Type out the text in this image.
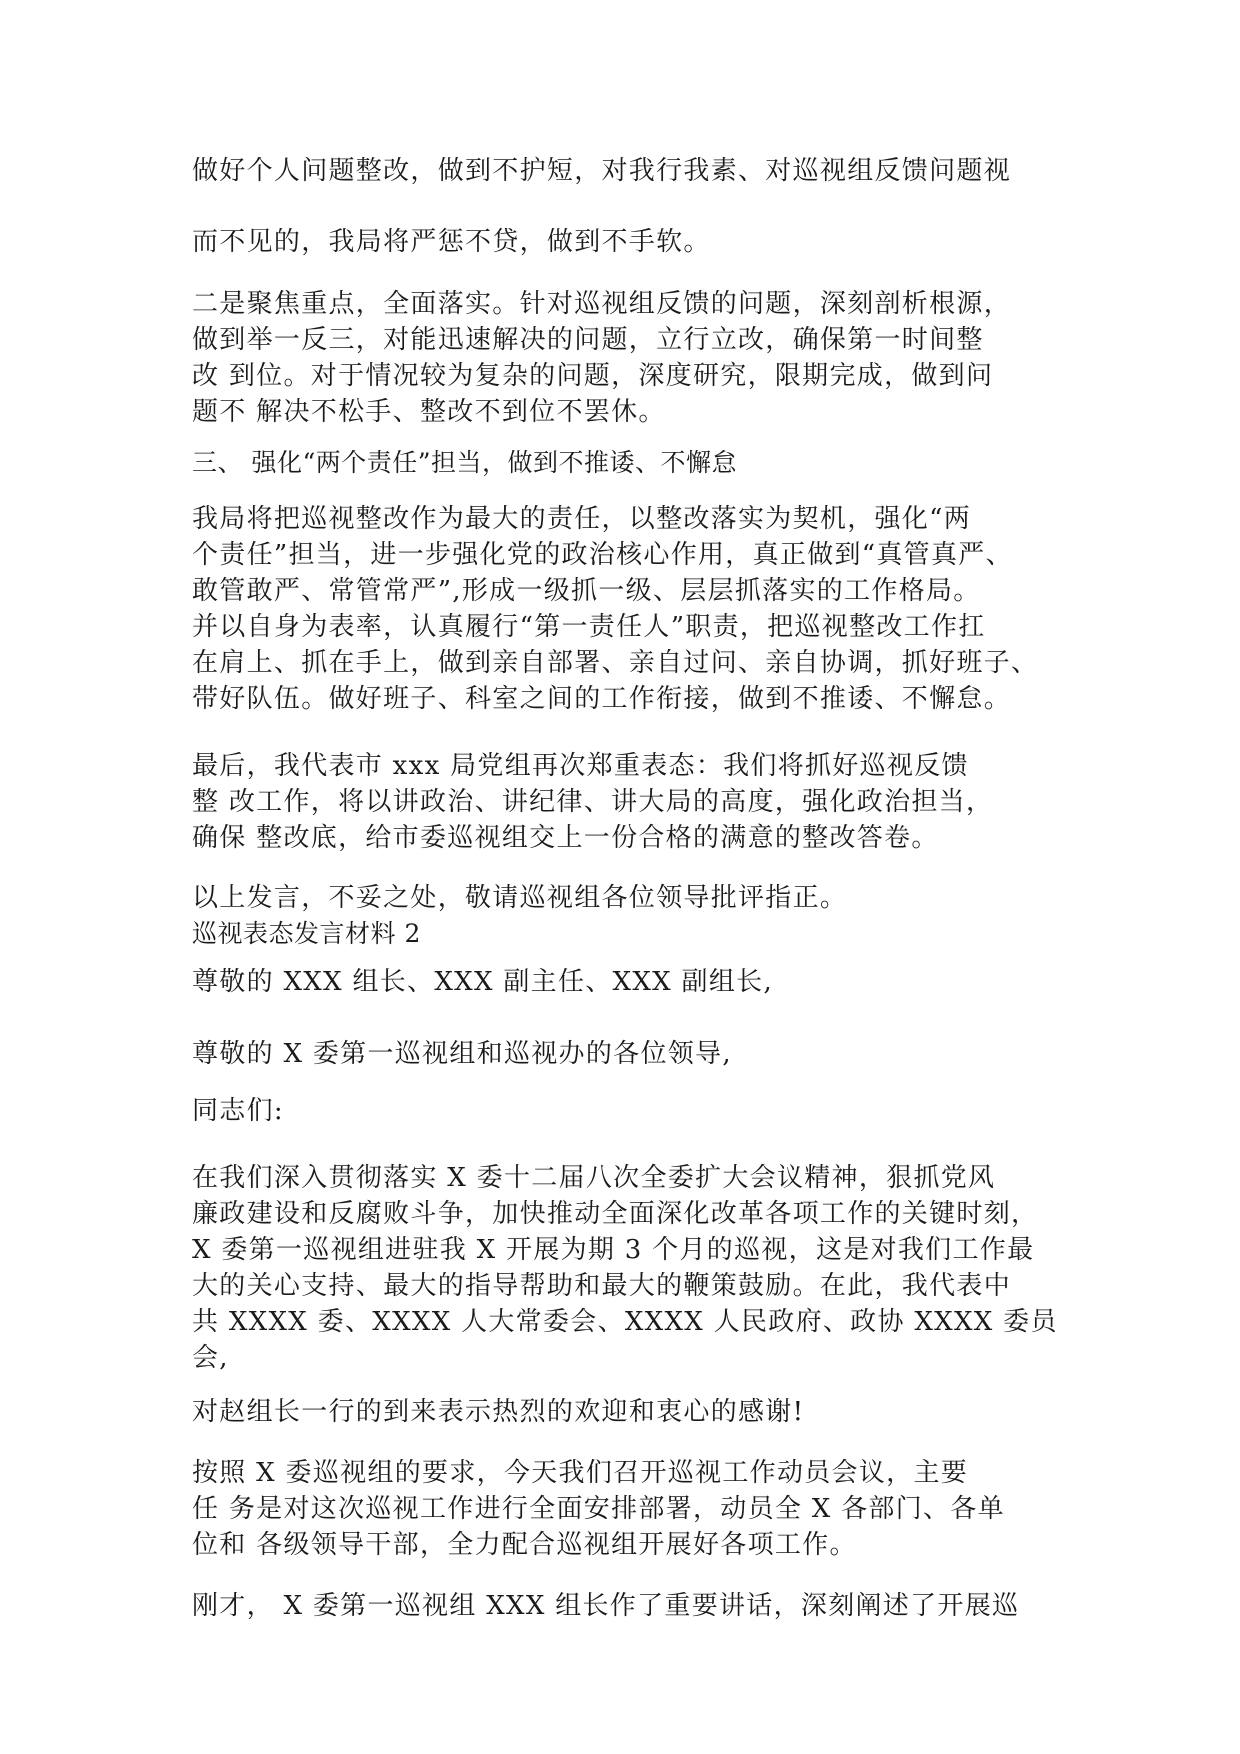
做好个人问题整改，做到不护短，对我行我素、对巡视组反馈问题视
而不见的，我局将严惩不贷，做到不手软。
二是聚焦重点，全面落实。针对巡视组反馈的问题，深刻剖析根源，
做到举一反三，对能迅速解决的问题，立行立改，确保第一时间整
改 到位。对于情况较为复杂的问题，深度研究，限期完成，做到问
题不 解决不松手、整改不到位不罢休。
三、 强化“两个责任”担当，做到不推诿、不懈怠
我局将把巡视整改作为最大的责任，以整改落实为契机，强化“两
个责任”担当，进一步强化党的政治核心作用，真正做到“真管真严、
敢管敢严、常管常严”,形成一级抓一级、层层抓落实的工作格局。
并以自身为表率，认真履行“第一责任人”职责，把巡视整改工作扛
在肩上、抓在手上，做到亲自部署、亲自过问、亲自协调，抓好班子、
带好队伍。做好班子、科室之间的工作衔接，做到不推诿、不懈怠。
最后，我代表市 xxx 局党组再次郑重表态：我们将抓好巡视反馈
整 改工作，将以讲政治、讲纪律、讲大局的高度，强化政治担当，
确保 整改底，给市委巡视组交上一份合格的满意的整改答卷。
以上发言，不妥之处，敬请巡视组各位领导批评指正。
巡视表态发言材料 2
尊敬的 XXX 组长、XXX 副主任、XXX 副组长,
尊敬的 X 委第一巡视组和巡视办的各位领导,
同志们:
在我们深入贯彻落实 X 委十二届八次全委扩大会议精神，狠抓党风
廉政建设和反腐败斗争，加快推动全面深化改革各项工作的关键时刻，
X 委第一巡视组进驻我 X 开展为期 3 个月的巡视，这是对我们工作最
大的关心支持、最大的指导帮助和最大的鞭策鼓励。在此，我代表中
共 XXXX 委、XXXX 人大常委会、XXXX 人民政府、政协 XXXX 委员
会,
对赵组长一行的到来表示热烈的欢迎和衷心的感谢!
按照 X 委巡视组的要求，今天我们召开巡视工作动员会议，主要
任 务是对这次巡视工作进行全面安排部署，动员全 X 各部门、各单
位和 各级领导干部，全力配合巡视组开展好各项工作。
刚才， X 委第一巡视组 XXX 组长作了重要讲话，深刻阐述了开展巡
